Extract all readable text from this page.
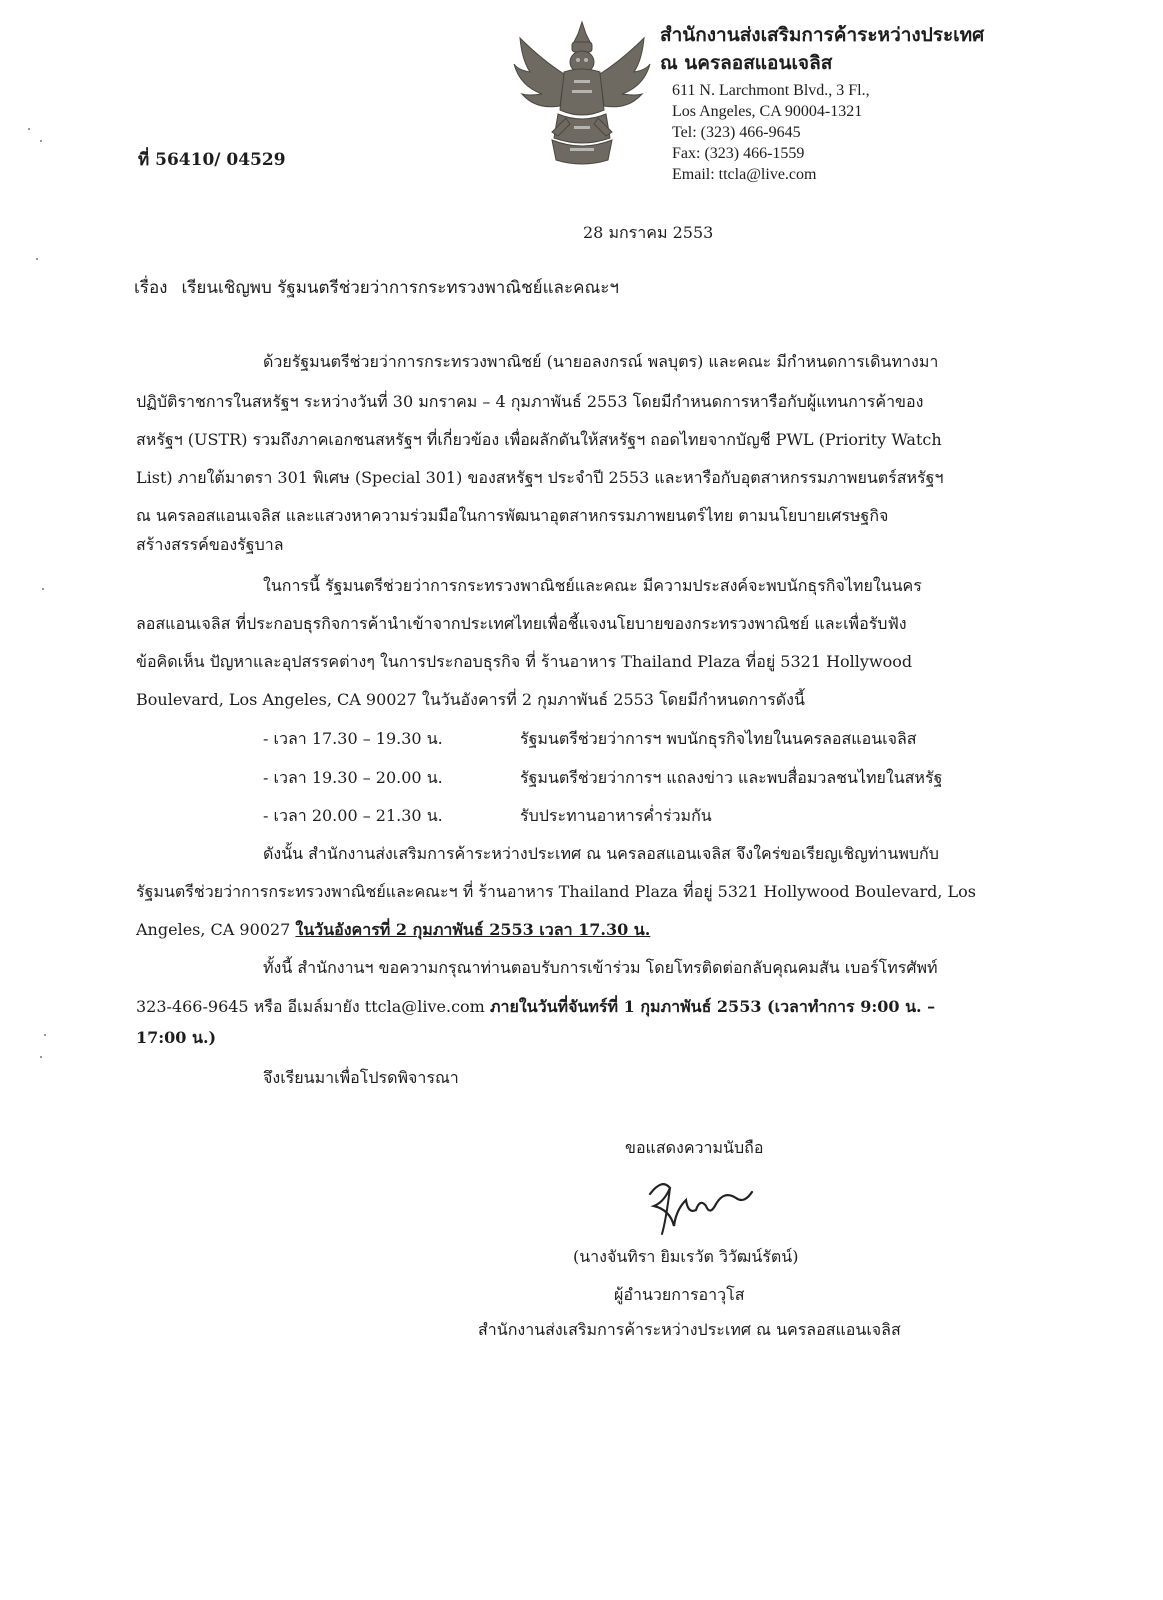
สำนักงานส่งเสริมการค้าระหว่างประเทศ
ณ นครลอสแอนเจลิส
611 N. Larchmont Blvd., 3 Fl.,
Los Angeles, CA 90004-1321
Tel: (323) 466-9645
Fax: (323) 466-1559
Email: ttcla@live.com
ที่ 56410/ 04529
28 มกราคม 2553
เรื่อง เรียนเชิญพบ รัฐมนตรีช่วยว่าการกระทรวงพาณิชย์และคณะฯ
ด้วยรัฐมนตรีช่วยว่าการกระทรวงพาณิชย์ (นายอลงกรณ์ พลบุตร) และคณะ มีกำหนดการเดินทางมา
ปฏิบัติราชการในสหรัฐฯ ระหว่างวันที่ 30 มกราคม – 4 กุมภาพันธ์ 2553 โดยมีกำหนดการหารือกับผู้แทนการค้าของ
สหรัฐฯ (USTR) รวมถึงภาคเอกชนสหรัฐฯ ที่เกี่ยวข้อง เพื่อผลักดันให้สหรัฐฯ ถอดไทยจากบัญชี PWL (Priority Watch
List) ภายใต้มาตรา 301 พิเศษ (Special 301) ของสหรัฐฯ ประจำปี 2553 และหารือกับอุตสาหกรรมภาพยนตร์สหรัฐฯ
ณ นครลอสแอนเจลิส และแสวงหาความร่วมมือในการพัฒนาอุตสาหกรรมภาพยนตร์ไทย ตามนโยบายเศรษฐกิจ
สร้างสรรค์ของรัฐบาล
ในการนี้ รัฐมนตรีช่วยว่าการกระทรวงพาณิชย์และคณะ มีความประสงค์จะพบนักธุรกิจไทยในนคร
ลอสแอนเจลิส ที่ประกอบธุรกิจการค้านำเข้าจากประเทศไทยเพื่อชี้แจงนโยบายของกระทรวงพาณิชย์ และเพื่อรับฟัง
ข้อคิดเห็น ปัญหาและอุปสรรคต่างๆ ในการประกอบธุรกิจ ที่ ร้านอาหาร Thailand Plaza ที่อยู่ 5321 Hollywood
Boulevard, Los Angeles, CA 90027 ในวันอังคารที่ 2 กุมภาพันธ์ 2553 โดยมีกำหนดการดังนี้
- เวลา 17.30 – 19.30 น.	รัฐมนตรีช่วยว่าการฯ พบนักธุรกิจไทยในนครลอสแอนเจลิส
- เวลา 19.30 – 20.00 น.	รัฐมนตรีช่วยว่าการฯ แถลงข่าว และพบสื่อมวลชนไทยในสหรัฐ
- เวลา 20.00 – 21.30 น.	รับประทานอาหารค่ำร่วมกัน
ดังนั้น สำนักงานส่งเสริมการค้าระหว่างประเทศ ณ นครลอสแอนเจลิส จึงใคร่ขอเรียญเชิญท่านพบกับ
รัฐมนตรีช่วยว่าการกระทรวงพาณิชย์และคณะฯ ที่ ร้านอาหาร Thailand Plaza ที่อยู่ 5321 Hollywood Boulevard, Los
Angeles, CA 90027 ในวันอังคารที่ 2 กุมภาพันธ์ 2553 เวลา 17.30 น.
ทั้งนี้ สำนักงานฯ ขอความกรุณาท่านตอบรับการเข้าร่วม โดยโทรติดต่อกลับคุณคมสัน เบอร์โทรศัพท์
323-466-9645 หรือ อีเมล์มายัง ttcla@live.com ภายในวันที่จันทร์ที่ 1 กุมภาพันธ์ 2553 (เวลาทำการ 9:00 น. –
17:00 น.)
จึงเรียนมาเพื่อโปรดพิจารณา
ขอแสดงความนับถือ
(นางจันทิรา ยิมเรวัต วิวัฒน์รัตน์)
ผู้อำนวยการอาวุโส
สำนักงานส่งเสริมการค้าระหว่างประเทศ ณ นครลอสแอนเจลิส
